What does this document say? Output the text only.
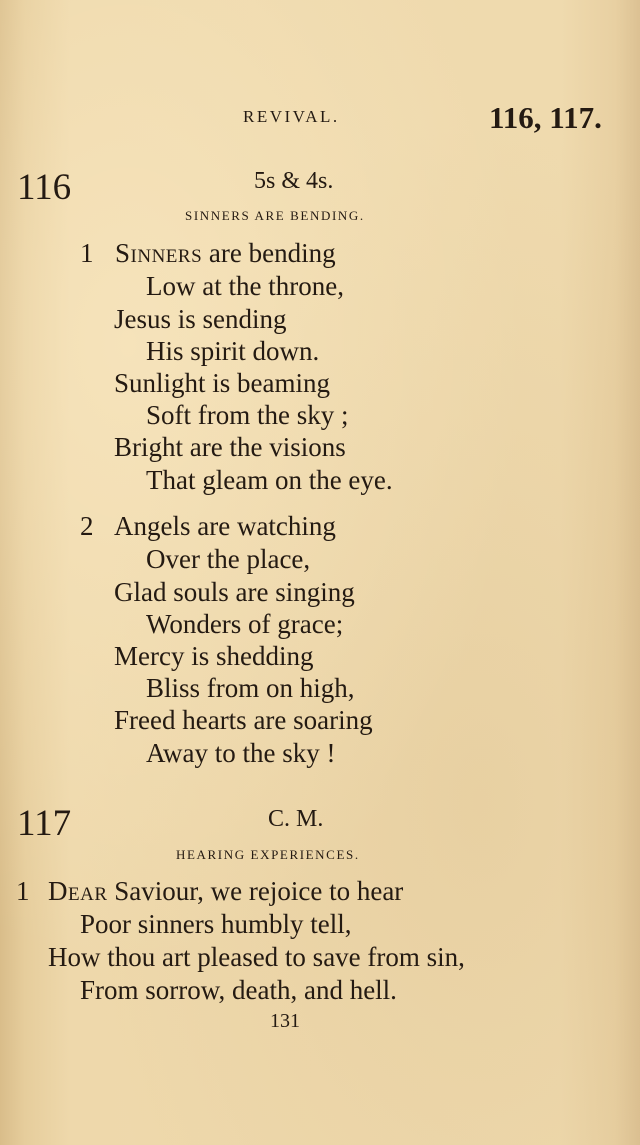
REVIVAL.	116, 117.
116	5s & 4s.
SINNERS ARE BENDING.
1 Sinners are bending
Low at the throne,
Jesus is sending
His spirit down.
Sunlight is beaming
Soft from the sky ;
Bright are the visions
That gleam on the eye.
2 Angels are watching
Over the place,
Glad souls are singing
Wonders of grace;
Mercy is shedding
Bliss from on high,
Freed hearts are soaring
Away to the sky !
117	C. M.
HEARING EXPERIENCES.
1 Dear Saviour, we rejoice to hear
Poor sinners humbly tell,
How thou art pleased to save from sin,
From sorrow, death, and hell.
131
